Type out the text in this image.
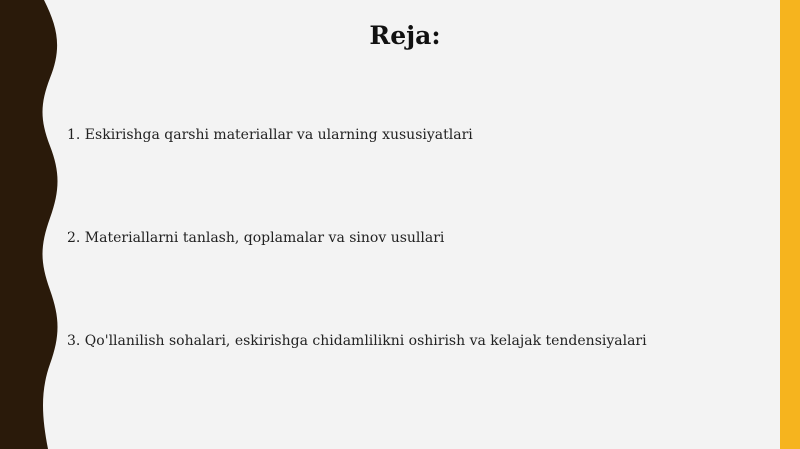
Reja:

1. Eskirishga qarshi materiallar va ularning xususiyatlari

2. Materiallarni tanlash, qoplamalar va sinov usullari

3. Qo'llanilish sohalari, eskirishga chidamlilikni oshirish va kelajak tendensiyalari
